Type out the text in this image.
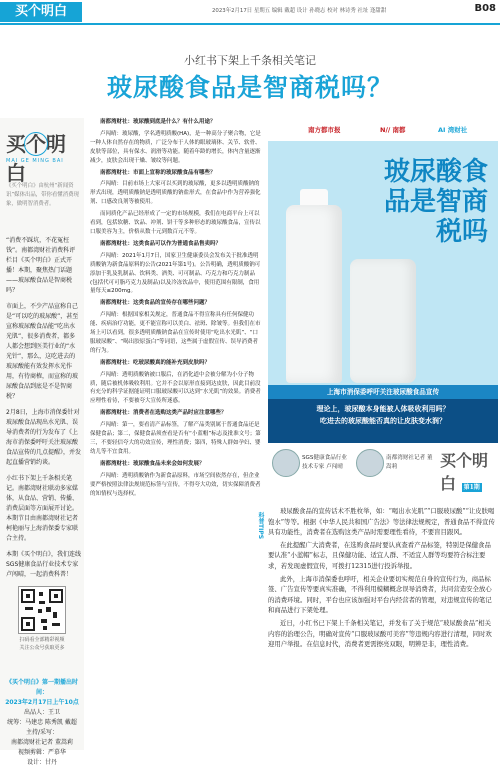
买个明白	2023年2月17日 星期五 编辑 戴超 设计 孙晓志 校对 林诗秀 社址 逢甜甜	B08
小红书下架上千条相关笔记
玻尿酸食品是智商税吗？
买个明白
MAI GE MING BAI
《买个明白》由杭州“新闻资讯”媒体出品，带你看懂消费现象，做明智消费者。

“消费不踩坑，不花冤枉钱”。南都湾财社消费科评栏目《买个明白》正式开播！本期，聚焦热门话题——玻尿酸食品是智商税吗？

市面上，不少产品宣称自己是“可以吃的玻尿酸”，甚至宣称玻尿酸食品能“吃出水光肌”，很多消费者，都多人都会想到医美行业的“水光针”，那么，这吃进去的玻尿酸能有效发挥水光作用，有待商榷，而宣称的玻尿酸食品到底是不是智商税？

2月8日，上海市消保委针对玻尿酸食品现出水光肌、误导消费者的行为发布了《上海市消保委呼吁关注玻尿酸食品宣传的几点提醒》，并发起直播营销约谈。

小红书下架上千条相关笔记。南都湾财社联动多家媒体，从食品、营销、传播、消费层面等方面展开讨论。本期节目由南都湾财社记者柯艳丽与上海消保委专家联合主持。

本期《买个明白》，我们连线SGS健康食品行业技术专家卢闯晴，一起消费科普！

扫码看全部精彩视频
关注公众号获取更多
《买个明白》第一期播出时间：
2023年2月17日上午10点
出品人：王卫
统筹：马建忠 陈秀凯 戴超
主持/采写：
南都湾财社记者 董嵩莉
视频剪辑：严慕华
设计：甘丹

南都湾财社：玻尿酸到底是什么？有什么用途？

卢闯晴：玻尿酸，学名透明质酸(HA)，是一种高分子聚合物，它是一种人体自然存在的物质，广泛分布于人体的眼玻璃体、关节、软骨、皮肤等部位，具有保水、润滑等功能。随着年龄的增长，体内含量逐渐减少，皮肤会出现干燥、皱纹等问题。

南都湾财社：市面上宣称的玻尿酸食品有哪些？

卢闯晴：目前市场上大家可以买到的玻尿酸，更多以透明质酸钠的形式出现，透明质酸钠是透明质酸的钠盐形式，在食品中作为营养强化剂、口感改良剂等被使用。

而同质化产品已经形成了一定的市场规模，我们在电商平台上可以看到，包括软糖、饮品、冲剂、饼干等多种形态的玻尿酸食品，宣传以口服美容为主，价格从数十元到数百元不等。

南都湾财社：这类食品可以作为普通食品售卖吗？

卢闯晴：2021年1月7日，国家卫生健康委员会发布关于批准透明质酸钠为新食品原料的公告(2021年第1号)。公告明确，透明质酸钠可添加于乳及乳制品、饮料类、酒类、可可制品、巧克力和巧克力制品(包括代可可脂巧克力及制品)以及冷冻饮品中，使用范围有限制，食用量每天≤200mg。

南都湾财社：这类食品的宣传存在哪些问题？

卢闯晴：根据国家相关规定，普通食品不得宣称具有任何保健功能、疾病治疗功能，更不能宣称可以美白、祛斑、除皱等。但我们在市场上可以看到，很多透明质酸钠食品在宣传时使用“吃出水光肌”、“口服玻尿酸”、“喝出胶原蛋白”等词语，这些属于虚假宣传、误导消费者的行为。

南都湾财社：吃玻尿酸真的能补充到皮肤吗？

卢闯晴：透明质酸钠被口服后，在消化道中会被分解为小分子物质，随后被机体吸收利用。它并不会以原形直接到达皮肤，因此目前没有充分的科学证据能证明口服玻尿酸可以达到“水光肌”的效果。消费者应理性看待，不要被夸大宣传所迷惑。

南都湾财社：消费者在选购这类产品时应注意哪些？

卢闯晴：第一，要看清产品标签，了解产品类别属于普通食品还是保健食品；第二，保健食品须查看是否有“小蓝帽”标志及批准文号；第三，不要轻信夸大的功效宣传，理性消费；第四，特殊人群如孕妇、婴幼儿等不宜食用。

南都湾财社：玻尿酸食品未来会如何发展？

卢闯晴：透明质酸钠作为新食品原料，市场空间依然存在，但企业要严格按照法律法规规范标签与宣传，不得夸大功效，切实保障消费者的知情权与选择权。

南方都市报	N∕∕ 南都	AI 湾财社
玻尿酸食品是智商税吗
上海市消保委呼吁关注玻尿酸食品宣传
理论上，玻尿酸本身能被人体吸收利用吗？
吃进去的玻尿酸能否真的让皮肤变水润？
SGS健康食品行业技术专家 卢闯晴
南都湾财社记者 董嵩莉	买个明白 第1期
科普TIPS

玻尿酸食品的宣传话术不胜枚举，如：“喝出水光肌”“口服玻尿酸”“让皮肤喝饱水”等等。根据《中华人民共和国广告法》等法律法规规定，普通食品不得宣传具有功能性，消费者在选购这类产品时需要理性看待，不要盲目跟风。

在此提醒广大消费者，在选购食品时要认真查看产品标签，特别是保健食品要认准“小蓝帽”标志，且保健功能、适宜人群、不适宜人群等均要符合标注要求，若发现虚假宣传，可拨打12315进行投诉举报。

此外，上海市消保委也呼吁，相关企业要切实规范自身的宣传行为，商品标签、广告宣传等要真实准确，不得利用模糊概念误导消费者，共同营造安全放心的消费环境。同时，平台也应该加强对平台内经营者的管理，对违规宣传的笔记和商品进行下架处理。

近日，小红书已下架上千条相关笔记，并发布了关于规范“玻尿酸食品”相关内容的治理公告，明确对宣传“口服玻尿酸可美容”等违规内容进行清理，同时欢迎用户举报。在信息时代，消费者更需擦亮双眼，明辨是非，理性消费。
